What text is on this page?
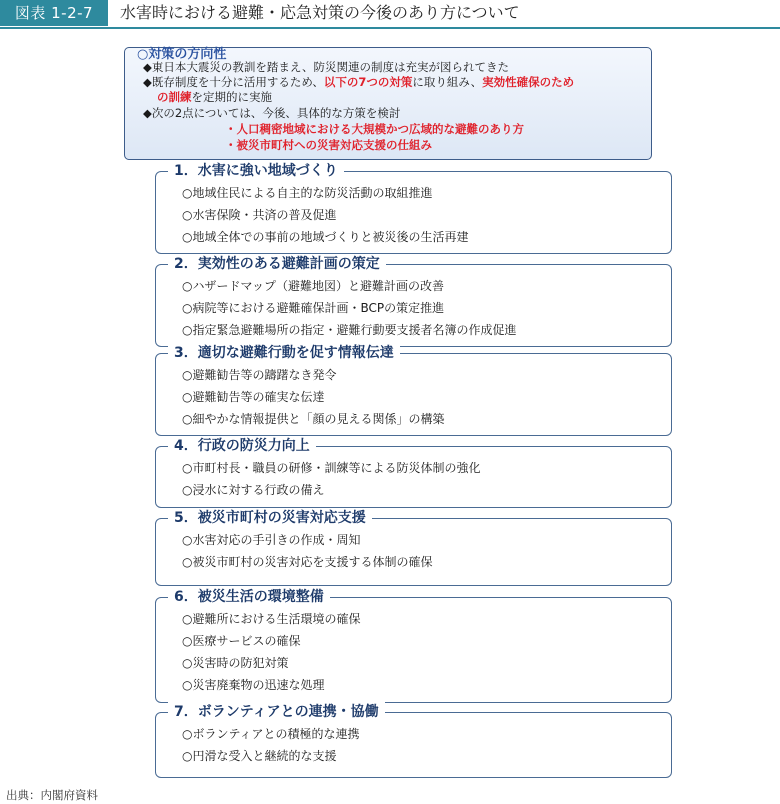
図表 1-2-7	水害時における避難・応急対策の今後のあり方について
○対策の方向性
◆東日本大震災の教訓を踏まえ、防災関連の制度は充実が図られてきた
◆既存制度を十分に活用するため、以下の7つの対策に取り組み、実効性確保のため
の訓練を定期的に実施
◆次の2点については、今後、具体的な方策を検討
・人口稠密地域における大規模かつ広域的な避難のあり方
・被災市町村への災害対応支援の仕組み
1．水害に強い地域づくり
○地域住民による自主的な防災活動の取組推進
○水害保険・共済の普及促進
○地域全体での事前の地域づくりと被災後の生活再建
2．実効性のある避難計画の策定
○ハザードマップ（避難地図）と避難計画の改善
○病院等における避難確保計画・BCPの策定推進
○指定緊急避難場所の指定・避難行動要支援者名簿の作成促進
3．適切な避難行動を促す情報伝達
○避難勧告等の躊躇なき発令
○避難勧告等の確実な伝達
○細やかな情報提供と「顔の見える関係」の構築
4．行政の防災力向上
○市町村長・職員の研修・訓練等による防災体制の強化
○浸水に対する行政の備え
5．被災市町村の災害対応支援
○水害対応の手引きの作成・周知
○被災市町村の災害対応を支援する体制の確保
6．被災生活の環境整備
○避難所における生活環境の確保
○医療サービスの確保
○災害時の防犯対策
○災害廃棄物の迅速な処理
7．ボランティアとの連携・協働
○ボランティアとの積極的な連携
○円滑な受入と継続的な支援
出典：内閣府資料
